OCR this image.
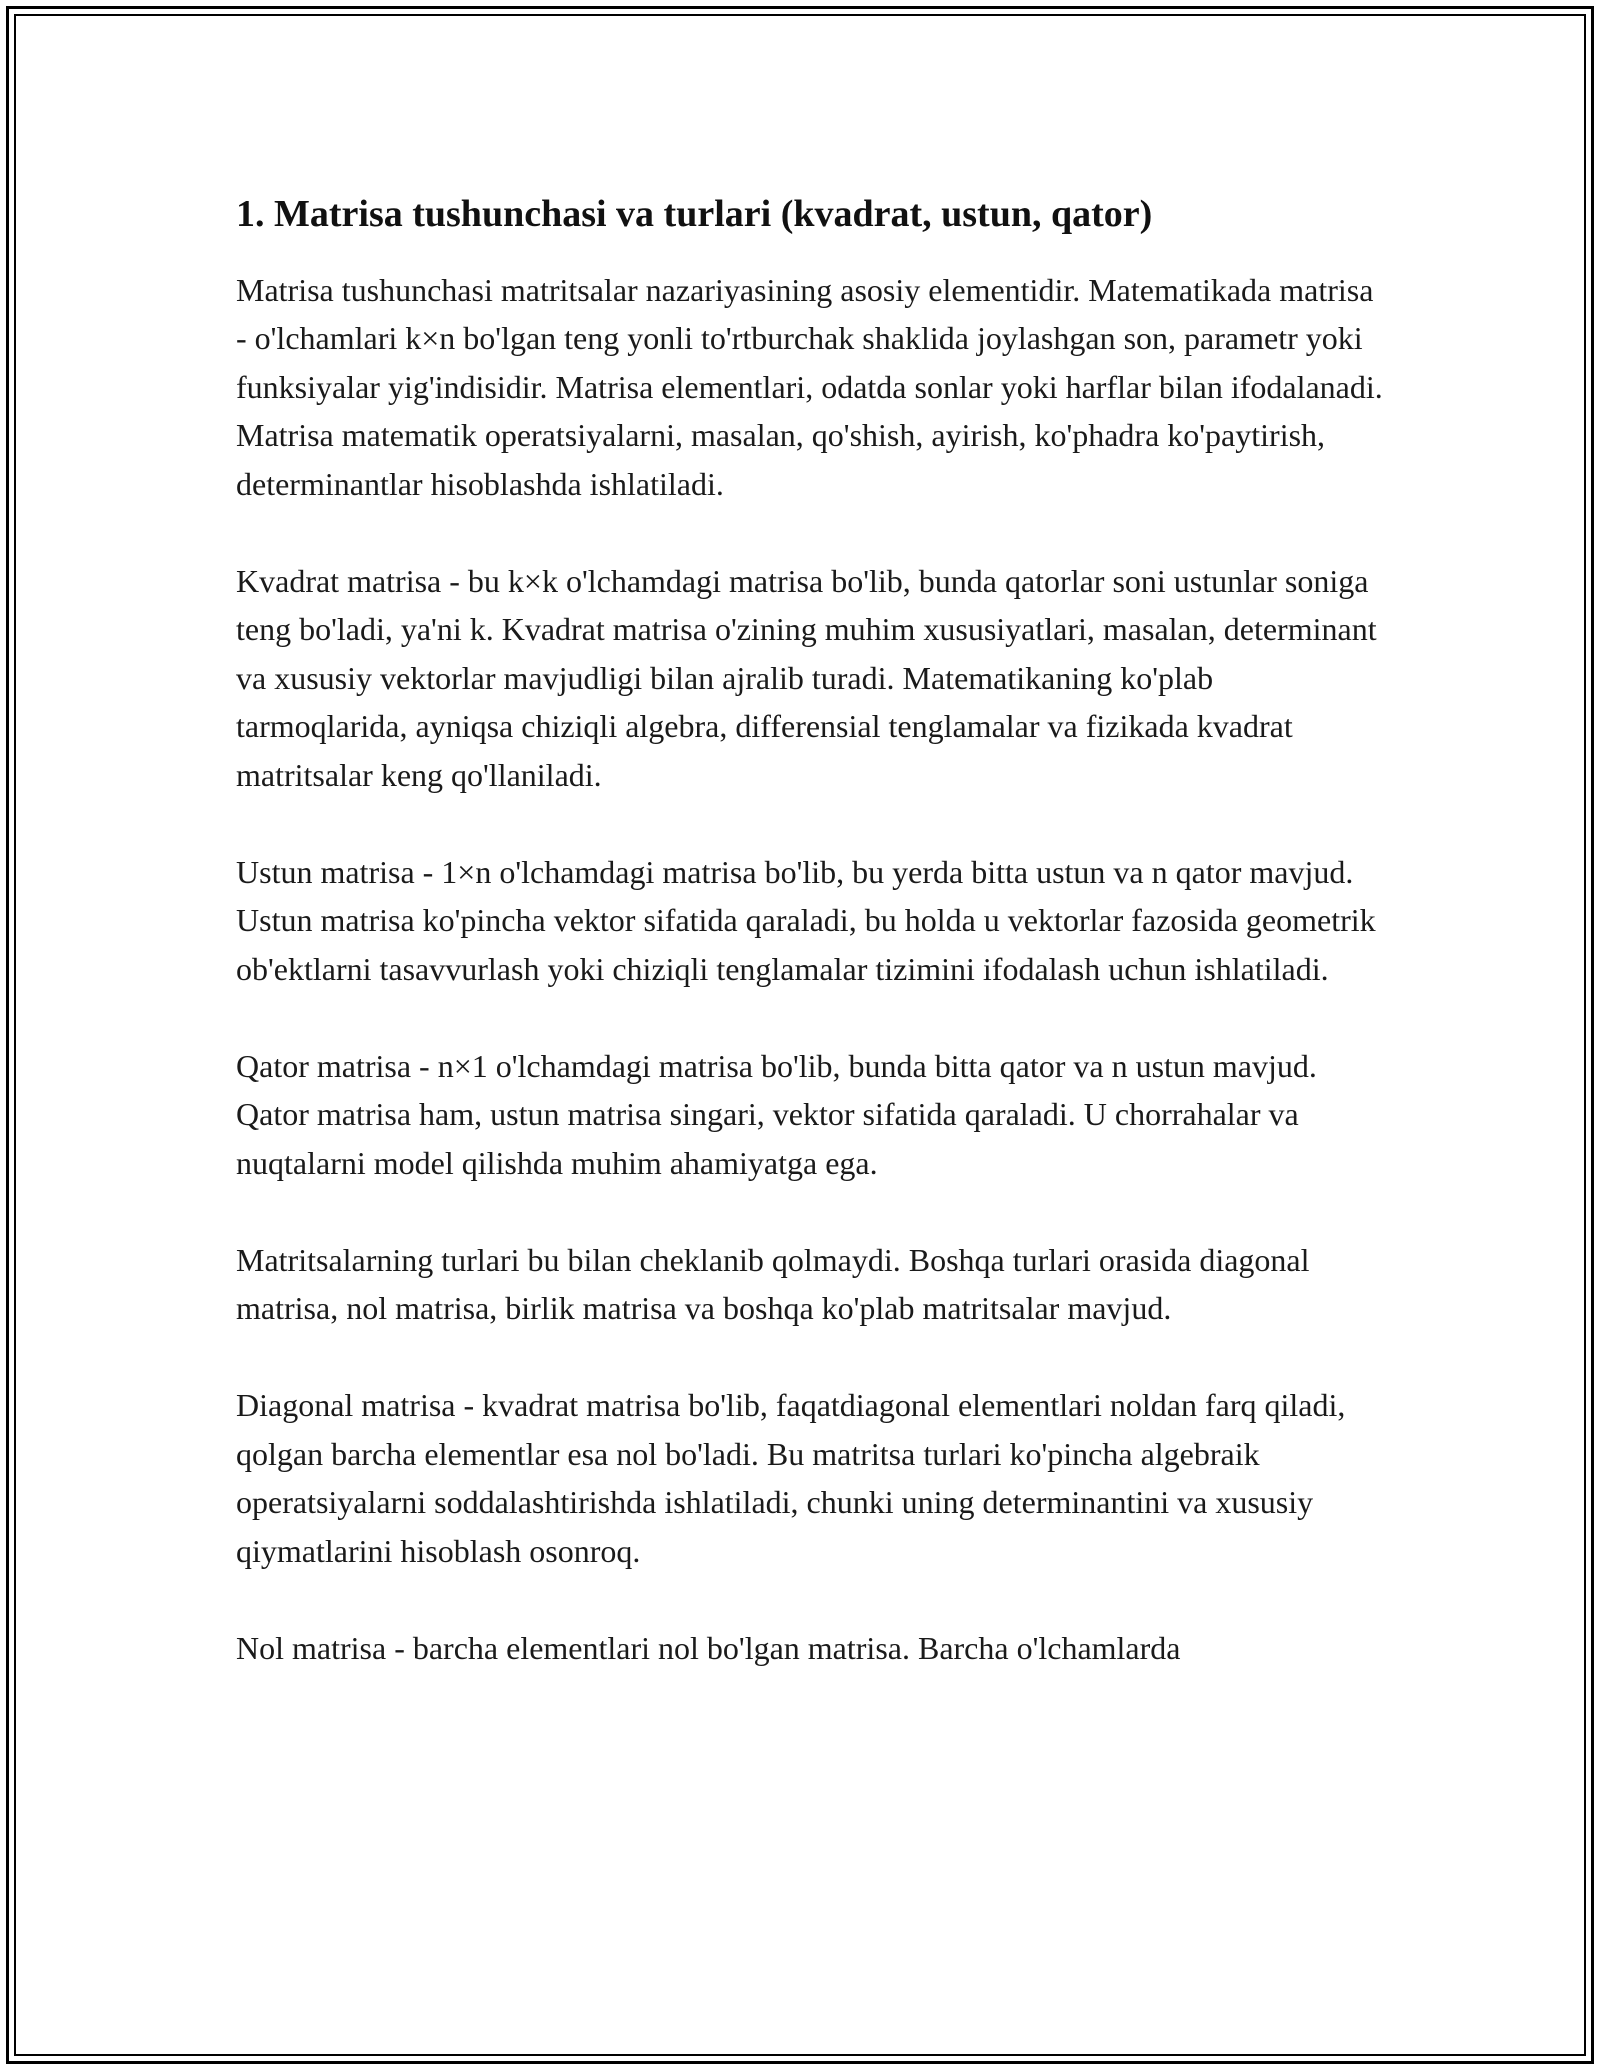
1. Matrisa tushunchasi va turlari (kvadrat, ustun, qator)

Matrisa tushunchasi matritsalar nazariyasining asosiy elementidir. Matematikada matrisa - o'lchamlari k×n bo'lgan teng yonli to'rtburchak shaklida joylashgan son, parametr yoki funksiyalar yig'indisidir. Matrisa elementlari, odatda sonlar yoki harflar bilan ifodalanadi. Matrisa matematik operatsiyalarni, masalan, qo'shish, ayirish, ko'phadra ko'paytirish, determinantlar hisoblashda ishlatiladi.

Kvadrat matrisa - bu k×k o'lchamdagi matrisa bo'lib, bunda qatorlar soni ustunlar soniga teng bo'ladi, ya'ni k. Kvadrat matrisa o'zining muhim xususiyatlari, masalan, determinant va xususiy vektorlar mavjudligi bilan ajralib turadi. Matematikaning ko'plab tarmoqlarida, ayniqsa chiziqli algebra, differensial tenglamalar va fizikada kvadrat matritsalar keng qo'llaniladi.

Ustun matrisa - 1×n o'lchamdagi matrisa bo'lib, bu yerda bitta ustun va n qator mavjud. Ustun matrisa ko'pincha vektor sifatida qaraladi, bu holda u vektorlar fazosida geometrik ob'ektlarni tasavvurlash yoki chiziqli tenglamalar tizimini ifodalash uchun ishlatiladi.

Qator matrisa - n×1 o'lchamdagi matrisa bo'lib, bunda bitta qator va n ustun mavjud. Qator matrisa ham, ustun matrisa singari, vektor sifatida qaraladi. U chorrahalar va nuqtalarni model qilishda muhim ahamiyatga ega.

Matritsalarning turlari bu bilan cheklanib qolmaydi. Boshqa turlari orasida diagonal matrisa, nol matrisa, birlik matrisa va boshqa ko'plab matritsalar mavjud.

Diagonal matrisa - kvadrat matrisa bo'lib, faqatdiagonal elementlari noldan farq qiladi, qolgan barcha elementlar esa nol bo'ladi. Bu matritsa turlari ko'pincha algebraik operatsiyalarni soddalashtirishda ishlatiladi, chunki uning determinantini va xususiy qiymatlarini hisoblash osonroq.

Nol matrisa - barcha elementlari nol bo'lgan matrisa. Barcha o'lchamlarda
